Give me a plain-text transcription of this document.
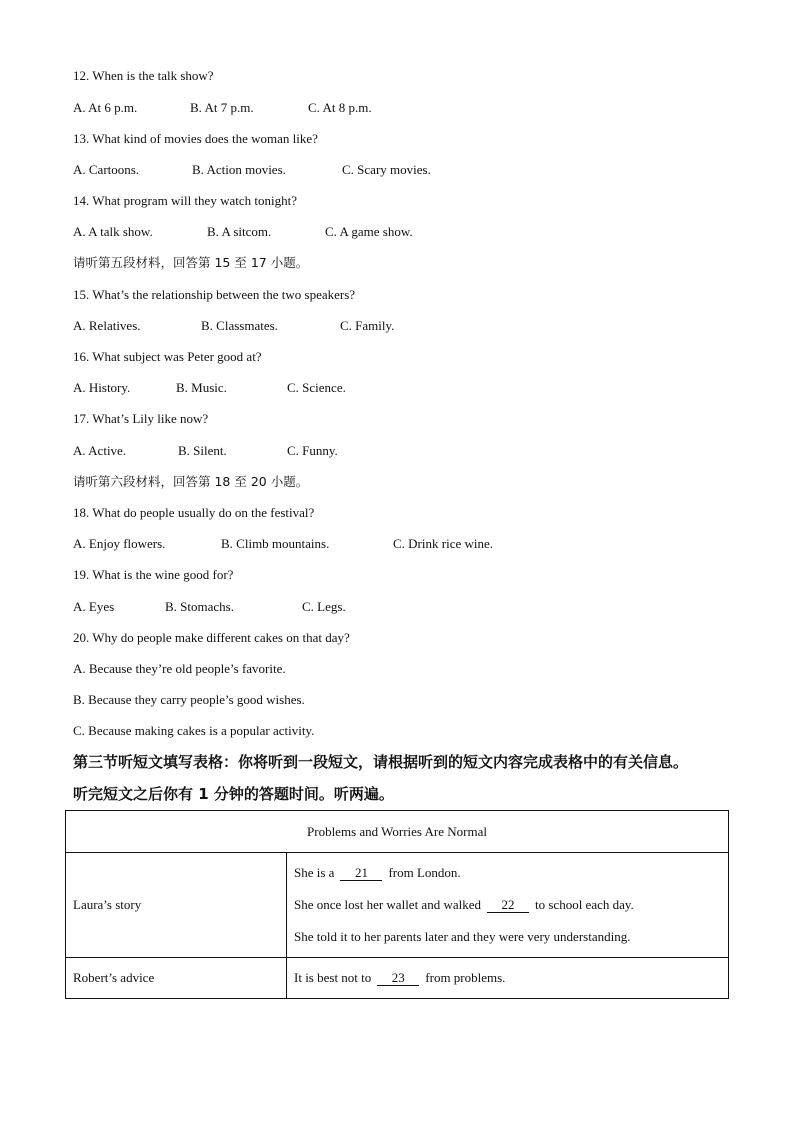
12. When is the talk show?
A. At 6 p.m.	B. At 7 p.m.	C. At 8 p.m.
13. What kind of movies does the woman like?
A. Cartoons.	B. Action movies.	C. Scary movies.
14. What program will they watch tonight?
A. A talk show.	B. A sitcom.	C. A game show.
请听第五段材料，回答第 15 至 17 小题。
15. What’s the relationship between the two speakers?
A. Relatives.	B. Classmates.	C. Family.
16. What subject was Peter good at?
A. History.	B. Music.	C. Science.
17. What’s Lily like now?
A. Active.	B. Silent.	C. Funny.
请听第六段材料，回答第 18 至 20 小题。
18. What do people usually do on the festival?
A. Enjoy flowers.	B. Climb mountains.	C. Drink rice wine.
19. What is the wine good for?
A. Eyes	B. Stomachs.	C. Legs.
20. Why do people make different cakes on that day?
A. Because they’re old people’s favorite.
B. Because they carry people’s good wishes.
C. Because making cakes is a popular activity.
第三节听短文填写表格：你将听到一段短文，请根据听到的短文内容完成表格中的有关信息。
听完短文之后你有 1 分钟的答题时间。听两遍。
Problems and Worries Are Normal	
Laura’s story	She is a 21 from London.

She once lost her wallet and walked 22 to school each day.

She told it to her parents later and they were very understanding.

Robert’s advice	It is best not to 23 from problems.
